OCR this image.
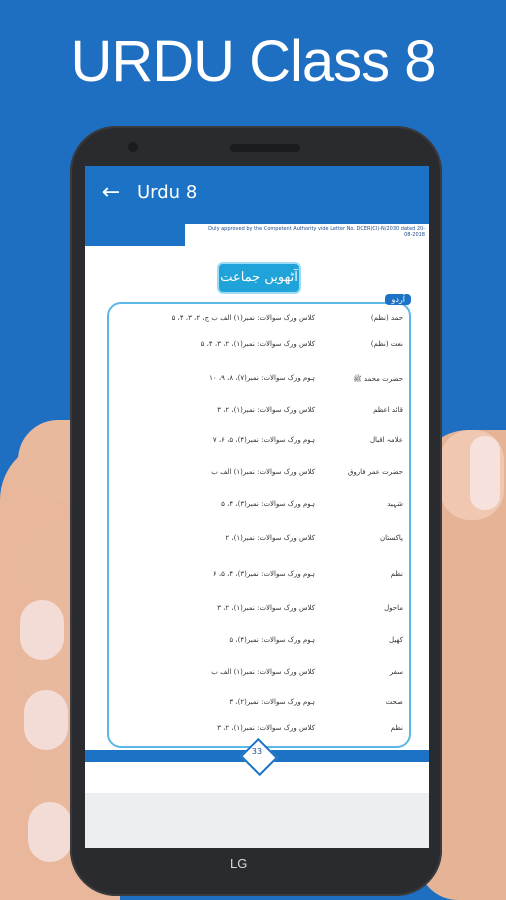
URDU Class 8
← Urdu 8
Duly approved by the Competent Authority vide Letter No. DCER(Cl)-N/2030 dated 20-08-2018
آٹھویں جماعت کے لیے	اُردو
حمد (نظم)
کلاس ورک سوالات: نمبر(۱) الف ب ج، ۲، ۳، ۴، ۵
نعت (نظم)
کلاس ورک سوالات: نمبر(۱)، ۲، ۳، ۴، ۵
حضرت محمد ﷺ
ہوم ورک سوالات: نمبر(۷)، ۸، ۹، ۱۰
قائد اعظم
کلاس ورک سوالات: نمبر(۱)، ۲، ۳
علامہ اقبال
ہوم ورک سوالات: نمبر(۴)، ۵، ۶، ۷
حضرت عمر فاروق
کلاس ورک سوالات: نمبر(۱) الف ب
شہید
ہوم ورک سوالات: نمبر(۳)، ۴، ۵
پاکستان
کلاس ورک سوالات: نمبر(۱)، ۲
نظم
ہوم ورک سوالات: نمبر(۳)، ۴، ۵، ۶
ماحول
کلاس ورک سوالات: نمبر(۱)، ۲، ۳
کھیل
ہوم ورک سوالات: نمبر(۴)، ۵
سفر
کلاس ورک سوالات: نمبر(۱) الف ب
صحت
ہوم ورک سوالات: نمبر(۲)، ۳
نظم
کلاس ورک سوالات: نمبر(۱)، ۲، ۳
33
LG
